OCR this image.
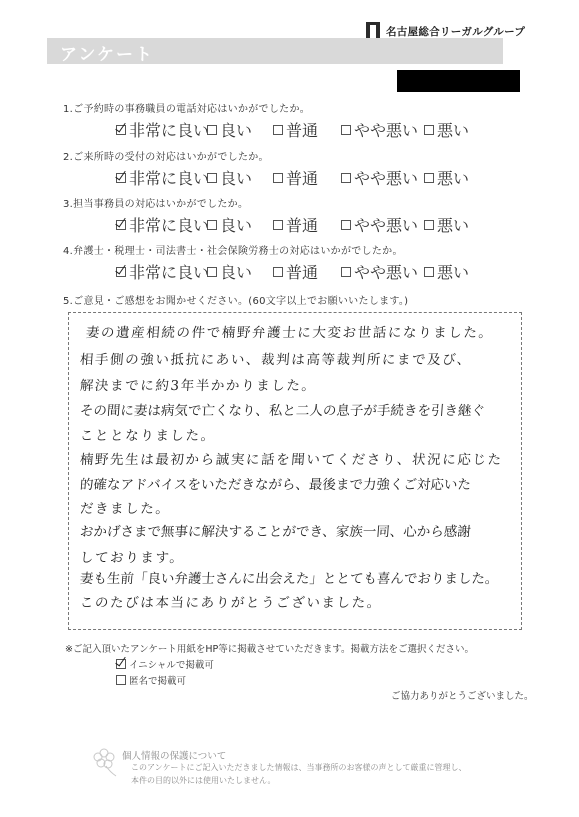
名古屋総合リーガルグループ
アンケート
1.ご予約時の事務職員の電話対応はいかがでしたか。
非常に良い 良い 普通 やや悪い 悪い
2.ご来所時の受付の対応はいかがでしたか。
非常に良い 良い 普通 やや悪い 悪い
3.担当事務員の対応はいかがでしたか。
非常に良い 良い 普通 やや悪い 悪い
4.弁護士・税理士・司法書士・社会保険労務士の対応はいかがでしたか。
非常に良い 良い 普通 やや悪い 悪い
5.ご意見・ご感想をお聞かせください。(60文字以上でお願いいたします。)
妻の遺産相続の件で楠野弁護士に大変お世話になりました。
相手側の強い抵抗にあい、裁判は高等裁判所にまで及び、
解決までに約3年半かかりました。
その間に妻は病気で亡くなり、私と二人の息子が手続きを引き継ぐ
こととなりました。
楠野先生は最初から誠実に話を聞いてくださり、状況に応じた
的確なアドバイスをいただきながら、最後まで力強くご対応いた
だきました。
おかげさまで無事に解決することができ、家族一同、心から感謝
しております。
妻も生前「良い弁護士さんに出会えた」ととても喜んでおりました。
このたびは本当にありがとうございました。
※ご記入頂いたアンケート用紙をHP等に掲載させていただきます。掲載方法をご選択ください。
イニシャルで掲載可
匿名で掲載可
ご協力ありがとうございました。
個人情報の保護について
このアンケートにご記入いただきました情報は、当事務所のお客様の声として厳重に管理し、
本件の目的以外には使用いたしません。
